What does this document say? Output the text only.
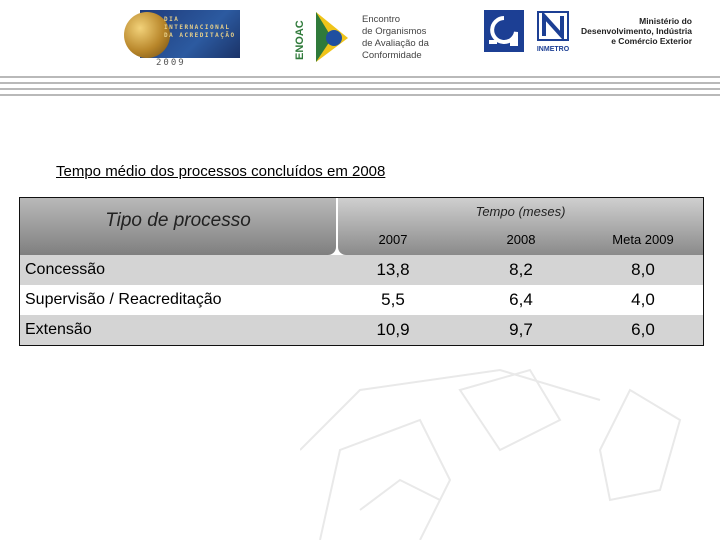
DIA
INTERNACIONAL
DA ACREDITAÇÃO
2009
ENOAC
Encontro
de Organismos
de Avaliação da
Conformidade
INMETRO
Ministério do
Desenvolvimento, Indústria
e Comércio Exterior
Tempo médio dos processos concluídos em 2008
Tipo de processo	Tempo (meses)
2007	2008	Meta 2009
Concessão	13,8	8,2	8,0
Supervisão / Reacreditação	5,5	6,4	4,0
Extensão	10,9	9,7	6,0
